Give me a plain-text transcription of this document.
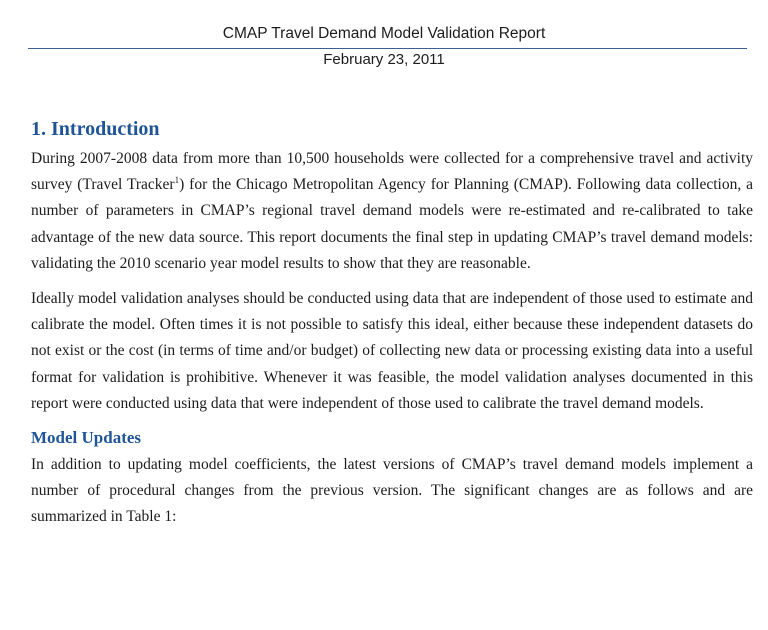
CMAP Travel Demand Model Validation Report
February 23, 2011
1. Introduction

During 2007-2008 data from more than 10,500 households were collected for a comprehensive travel and activity survey (Travel Tracker$^1$) for the Chicago Metropolitan Agency for Planning (CMAP). Following data collection, a number of parameters in CMAP’s regional travel demand models were re-estimated and re-calibrated to take advantage of the new data source. This report documents the final step in updating CMAP’s travel demand models: validating the 2010 scenario year model results to show that they are reasonable.

Ideally model validation analyses should be conducted using data that are independent of those used to estimate and calibrate the model. Often times it is not possible to satisfy this ideal, either because these independent datasets do not exist or the cost (in terms of time and/or budget) of collecting new data or processing existing data into a useful format for validation is prohibitive. Whenever it was feasible, the model validation analyses documented in this report were conducted using data that were independent of those used to calibrate the travel demand models.

Model Updates

In addition to updating model coefficients, the latest versions of CMAP’s travel demand models implement a number of procedural changes from the previous version. The significant changes are as follows and are summarized in Table 1:
